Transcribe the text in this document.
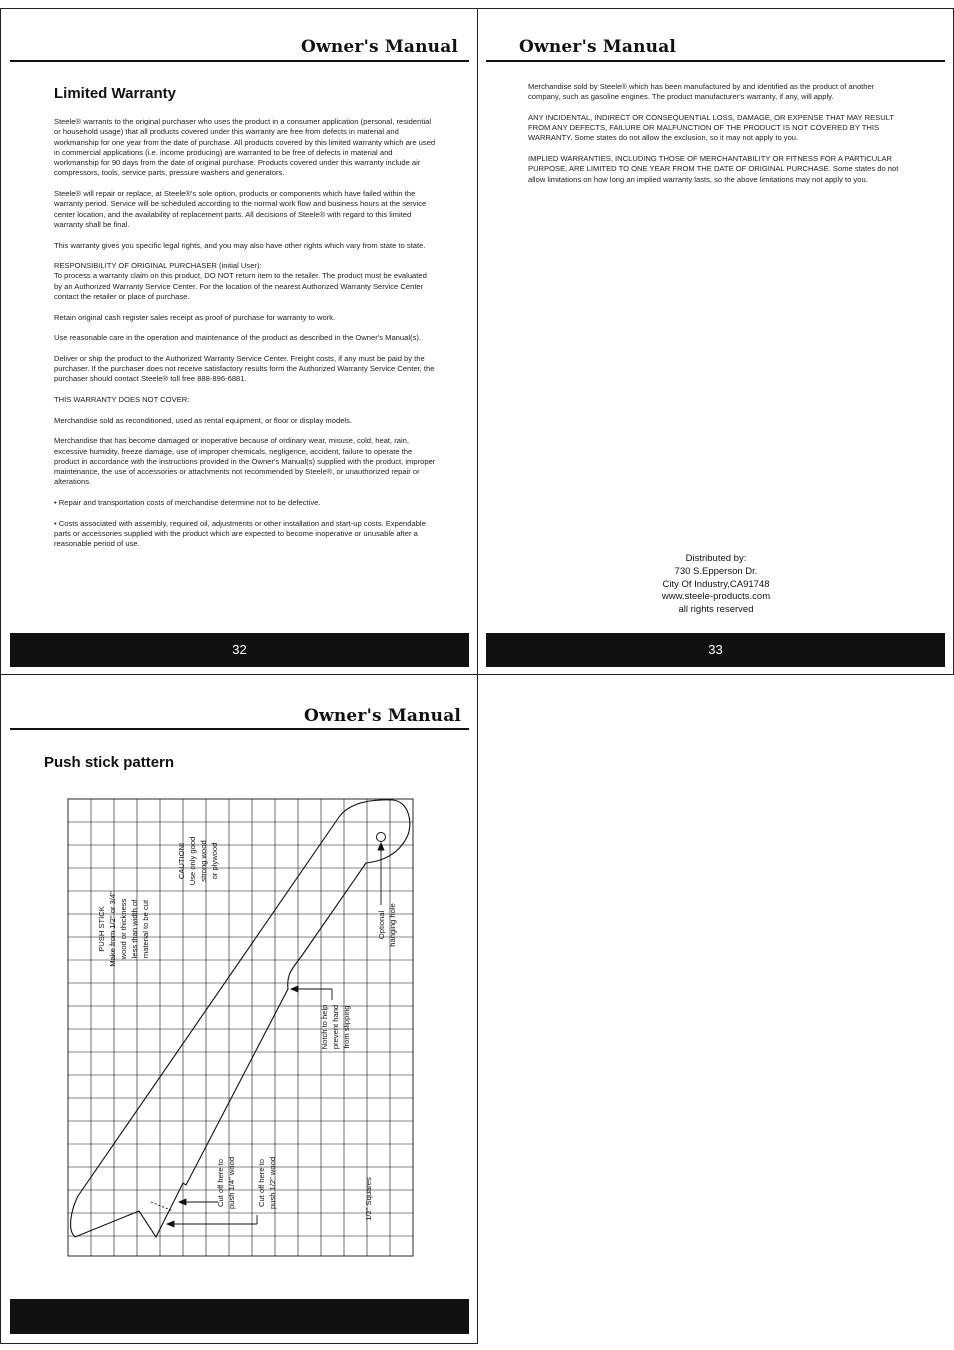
Owner's Manual
Limited Warranty

Steele® warrants to the original purchaser who uses the product in a consumer application (personal, residential or household usage) that all products covered under this warranty are free from defects in material and workmanship for one year from the date of purchase. All products covered by this limited warranty which are used in commercial applications (i.e. income producing) are warranted to be free of defects in material and workmanship for 90 days from the date of original purchase. Products covered under this warranty include air compressors, tools, service parts, pressure washers and generators.

Steele® will repair or replace, at Steele®'s sole option, products or components which have failed within the warranty period. Service will be scheduled according to the normal work flow and business hours at the service center location, and the availability of replacement parts. All decisions of Steele® with regard to this limited warranty shall be final.

This warranty gives you specific legal rights, and you may also have other rights which vary from state to state.

RESPONSIBILITY OF ORIGINAL PURCHASER (initial User):
To process a warranty claim on this product, DO NOT return item to the retailer. The product must be evaluated by an Authorized Warranty Service Center. For the location of the nearest Authorized Warranty Service Center contact the retailer or place of purchase.

Retain original cash register sales receipt as proof of purchase for warranty to work.

Use reasonable care in the operation and maintenance of the product as described in the Owner's Manual(s).

Deliver or ship the product to the Authorized Warranty Service Center. Freight costs, if any must be paid by the purchaser. If the purchaser does not receive satisfactory results form the Authorized Warranty Service Center, the purchaser should contact Steele® toll free 888-896-6881.

THIS WARRANTY DOES NOT COVER:

Merchandise sold as reconditioned, used as rental equipment, or floor or display models.

Merchandise that has become damaged or inoperative because of ordinary wear, misuse, cold, heat, rain, excessive humidity, freeze damage, use of improper chemicals, negligence, accident, failure to operate the product in accordance with the instructions provided in the Owner's Manual(s) supplied with the product, improper maintenance, the use of accessories or attachments not recommended by Steele®, or unauthorized repair or alterations.

• Repair and transportation costs of merchandise determine not to be defective.

• Costs associated with assembly, required oil, adjustments or other installation and start-up costs. Expendable parts or accessories supplied with the product which are expected to become inoperative or unusable after a reasonable period of use.

32
Owner's Manual

Merchandise sold by Steele® which has been manufactured by and identified as the product of another company, such as gasoline engines. The product manufacturer's warranty, if any, will apply.

ANY INCIDENTAL, INDIRECT OR CONSEQUENTIAL LOSS, DAMAGE, OR EXPENSE THAT MAY RESULT FROM ANY DEFECTS, FAILURE OR MALFUNCTION OF THE PRODUCT IS NOT COVERED BY THIS WARRANTY. Some states do not allow the exclusion, so it may not apply to you.

IMPLIED WARRANTIES, INCLUDING THOSE OF MERCHANTABILITY OR FITNESS FOR A PARTICULAR PURPOSE, ARE LIMITED TO ONE YEAR FROM THE DATE OF ORIGINAL PURCHASE. Some states do not allow limitations on how long an implied warranty lasts, so the above limitations may not apply to you.

Distributed by:
730 S.Epperson Dr.
City Of Industry,CA91748
www.steele-products.com
all rights reserved
33
Owner's Manual
Push stick pattern
PUSH STICK Make from 1/2" or 3/4" wood or thickness less than width of material to be cut
CAUTION! Use only good strong wood or plywood
Optional hanging hole
Notch to help prevent hand from slipping
Cut off here to push 1/4" wood	Cut off here to push 1/2" wood	1/2" Squares
